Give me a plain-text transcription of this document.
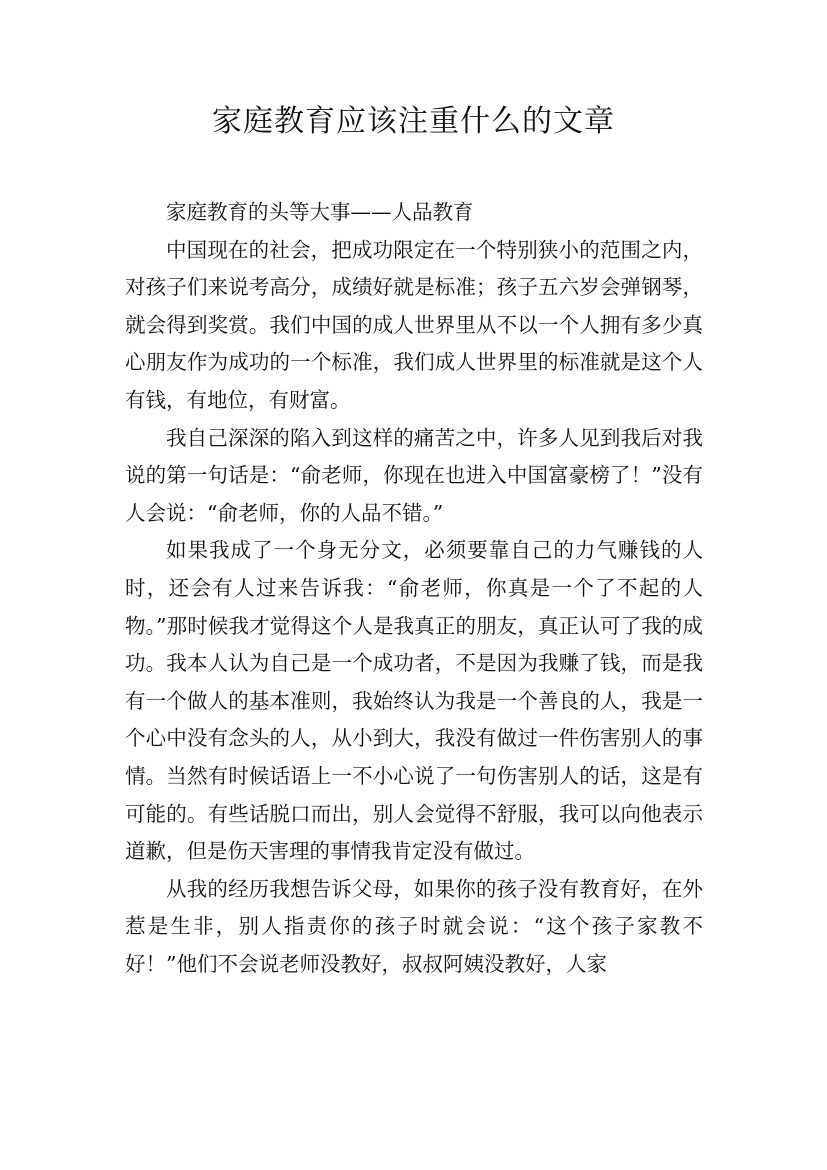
家庭教育应该注重什么的文章

家庭教育的头等大事——人品教育

中国现在的社会，把成功限定在一个特别狭小的范围之内，对孩子们来说考高分，成绩好就是标准；孩子五六岁会弹钢琴，就会得到奖赏。我们中国的成人世界里从不以一个人拥有多少真心朋友作为成功的一个标准，我们成人世界里的标准就是这个人有钱，有地位，有财富。

我自己深深的陷入到这样的痛苦之中，许多人见到我后对我说的第一句话是：“俞老师，你现在也进入中国富豪榜了！”没有人会说：“俞老师，你的人品不错。”

如果我成了一个身无分文，必须要靠自己的力气赚钱的人时，还会有人过来告诉我：“俞老师，你真是一个了不起的人物。”那时候我才觉得这个人是我真正的朋友，真正认可了我的成功。我本人认为自己是一个成功者，不是因为我赚了钱，而是我有一个做人的基本准则，我始终认为我是一个善良的人，我是一个心中没有念头的人，从小到大，我没有做过一件伤害别人的事情。当然有时候话语上一不小心说了一句伤害别人的话，这是有可能的。有些话脱口而出，别人会觉得不舒服，我可以向他表示道歉，但是伤天害理的事情我肯定没有做过。

从我的经历我想告诉父母，如果你的孩子没有教育好，在外惹是生非，别人指责你的孩子时就会说：“这个孩子家教不好！”他们不会说老师没教好，叔叔阿姨没教好，人家
